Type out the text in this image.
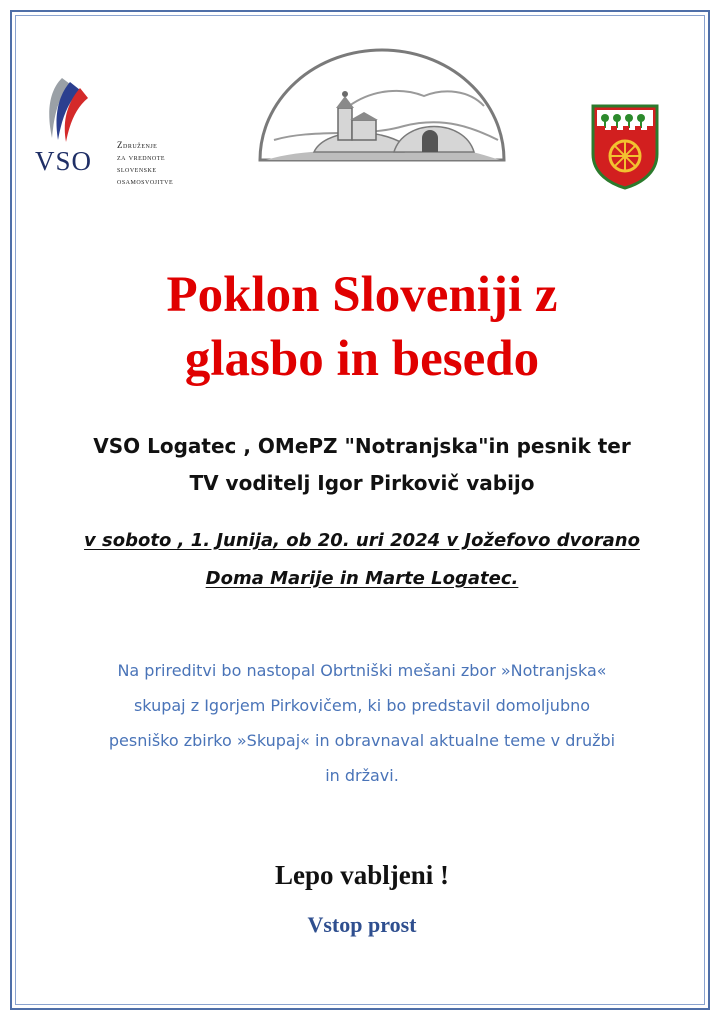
VSO
Združenje
za vrednote
slovenske
osamosvojitve
Poklon Sloveniji z
glasbo in besedo
VSO Logatec , OMePZ "Notranjska"in pesnik ter
TV voditelj Igor Pirkovič vabijo
v soboto , 1. Junija, ob 20. uri 2024 v Jožefovo dvorano
Doma Marije in Marte Logatec.
Na prireditvi bo nastopal Obrtniški mešani zbor »Notranjska«
skupaj z Igorjem Pirkovičem, ki bo predstavil domoljubno
pesniško zbirko »Skupaj« in obravnaval aktualne teme v družbi
in državi.
Lepo vabljeni !
Vstop prost
